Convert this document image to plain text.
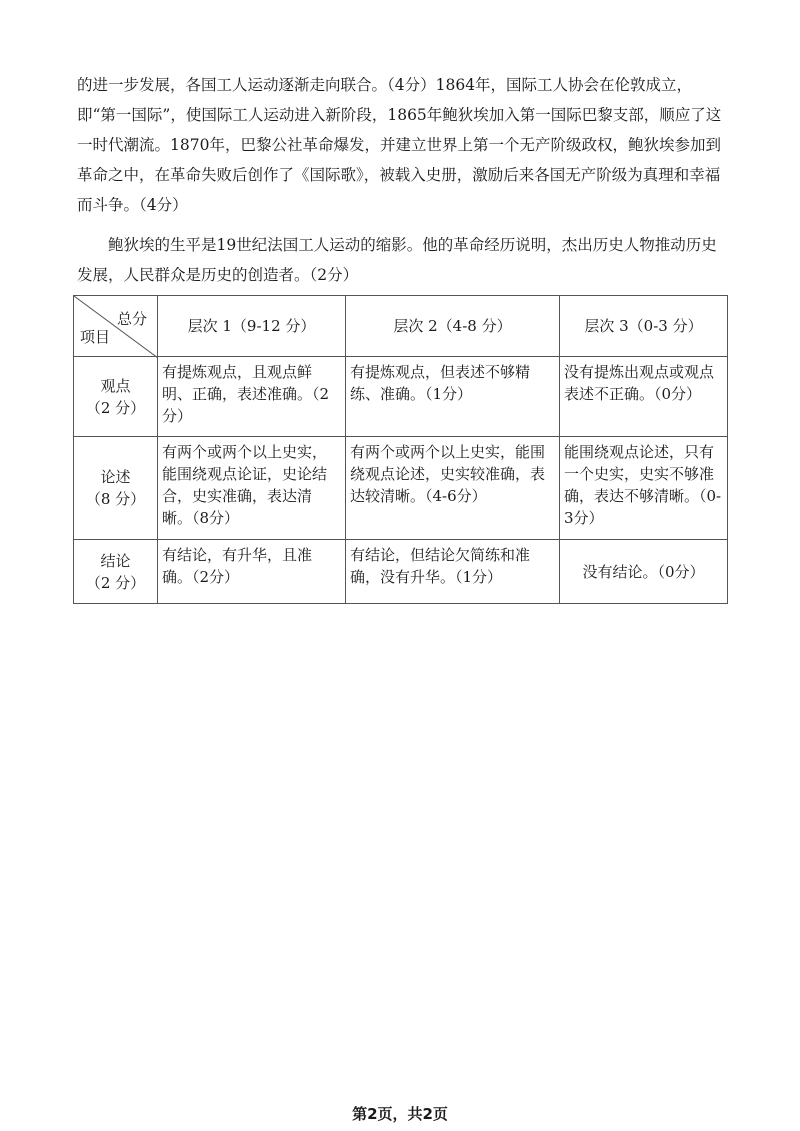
的进一步发展，各国工人运动逐渐走向联合。（4分）1864年，国际工人协会在伦敦成立，即“第一国际”，使国际工人运动进入新阶段，1865年鲍狄埃加入第一国际巴黎支部，顺应了这一时代潮流。1870年，巴黎公社革命爆发，并建立世界上第一个无产阶级政权，鲍狄埃参加到革命之中，在革命失败后创作了《国际歌》，被载入史册，激励后来各国无产阶级为真理和幸福而斗争。（4分）

鲍狄埃的生平是19世纪法国工人运动的缩影。他的革命经历说明，杰出历史人物推动历史发展，人民群众是历史的创造者。（2分）

总分
项目	层次 1（9-12 分）	层次 2（4-8 分）	层次 3（0-3 分）

观点
（2 分）	有提炼观点，且观点鲜明、正确，表述准确。（2分）	有提炼观点，但表述不够精练、准确。（1分）	没有提炼出观点或观点表述不正确。（0分）

论述
（8 分）	有两个或两个以上史实，能围绕观点论证，史论结合，史实准确，表达清晰。（8分）	有两个或两个以上史实，能围绕观点论述，史实较准确，表达较清晰。（4-6分）	能围绕观点论述，只有一个史实，史实不够准确，表达不够清晰。（0-3分）

结论
（2 分）	有结论，有升华，且准确。（2分）	有结论，但结论欠简练和准确，没有升华。（1分）	没有结论。（0分）
第2页，共2页
